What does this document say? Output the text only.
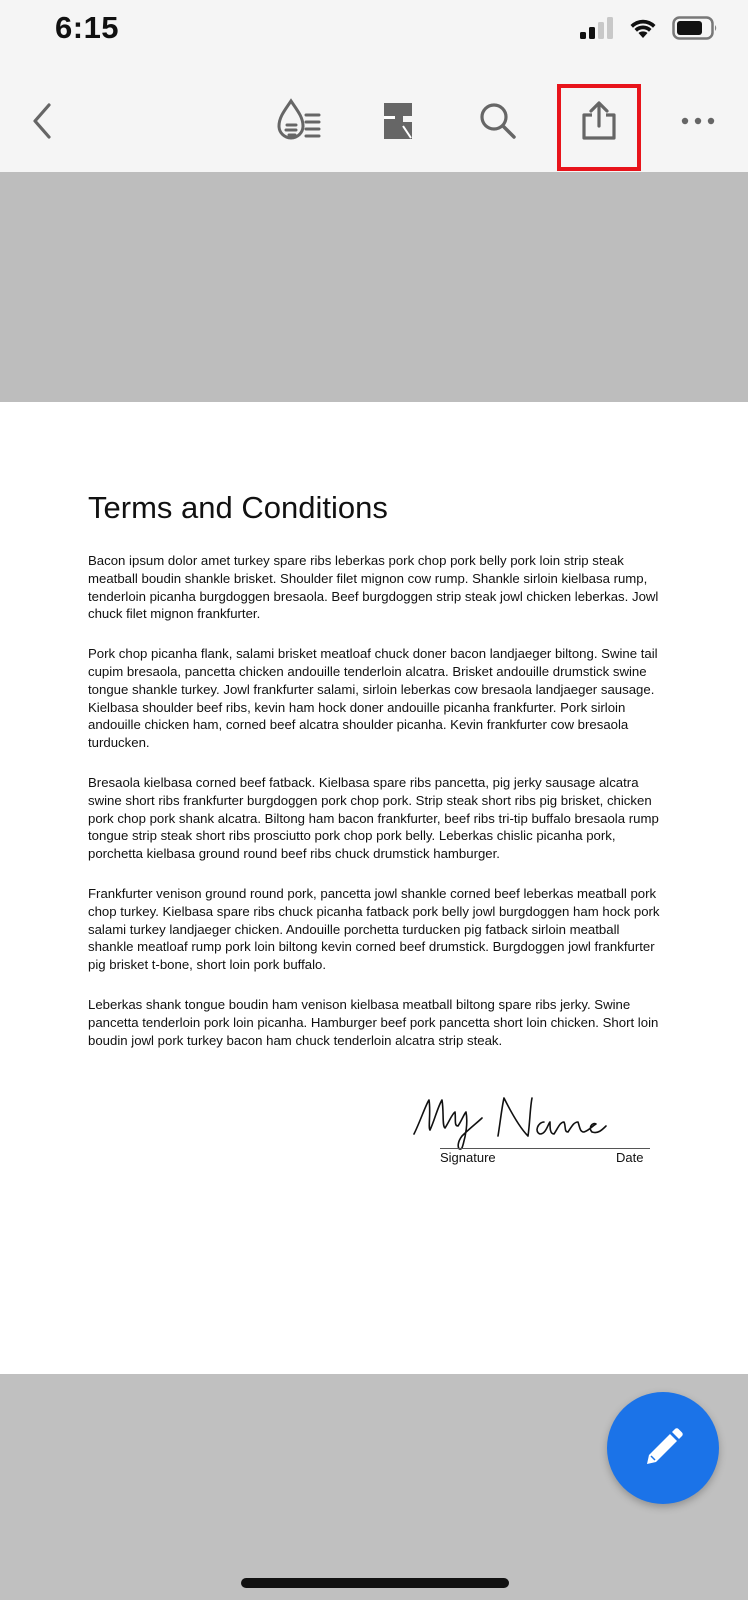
6:15
Terms and Conditions

Bacon ipsum dolor amet turkey spare ribs leberkas pork chop pork belly pork loin strip steak meatball boudin shankle brisket. Shoulder filet mignon cow rump. Shankle sirloin kielbasa rump, tenderloin picanha burgdoggen bresaola. Beef burgdoggen strip steak jowl chicken leberkas. Jowl chuck filet mignon frankfurter.

Pork chop picanha flank, salami brisket meatloaf chuck doner bacon landjaeger biltong. Swine tail cupim bresaola, pancetta chicken andouille tenderloin alcatra. Brisket andouille drumstick swine tongue shankle turkey. Jowl frankfurter salami, sirloin leberkas cow bresaola landjaeger sausage. Kielbasa shoulder beef ribs, kevin ham hock doner andouille picanha frankfurter. Pork sirloin andouille chicken ham, corned beef alcatra shoulder picanha. Kevin frankfurter cow bresaola turducken.

Bresaola kielbasa corned beef fatback. Kielbasa spare ribs pancetta, pig jerky sausage alcatra swine short ribs frankfurter burgdoggen pork chop pork. Strip steak short ribs pig brisket, chicken pork chop pork shank alcatra. Biltong ham bacon frankfurter, beef ribs tri-tip buffalo bresaola rump tongue strip steak short ribs prosciutto pork chop pork belly. Leberkas chislic picanha pork, porchetta kielbasa ground round beef ribs chuck drumstick hamburger.

Frankfurter venison ground round pork, pancetta jowl shankle corned beef leberkas meatball pork chop turkey. Kielbasa spare ribs chuck picanha fatback pork belly jowl burgdoggen ham hock pork salami turkey landjaeger chicken. Andouille porchetta turducken pig fatback sirloin meatball shankle meatloaf rump pork loin biltong kevin corned beef drumstick. Burgdoggen jowl frankfurter pig brisket t-bone, short loin pork buffalo.

Leberkas shank tongue boudin ham venison kielbasa meatball biltong spare ribs jerky. Swine pancetta tenderloin pork loin picanha. Hamburger beef pork pancetta short loin chicken. Short loin boudin jowl pork turkey bacon ham chuck tenderloin alcatra strip steak.

Signature	Date
